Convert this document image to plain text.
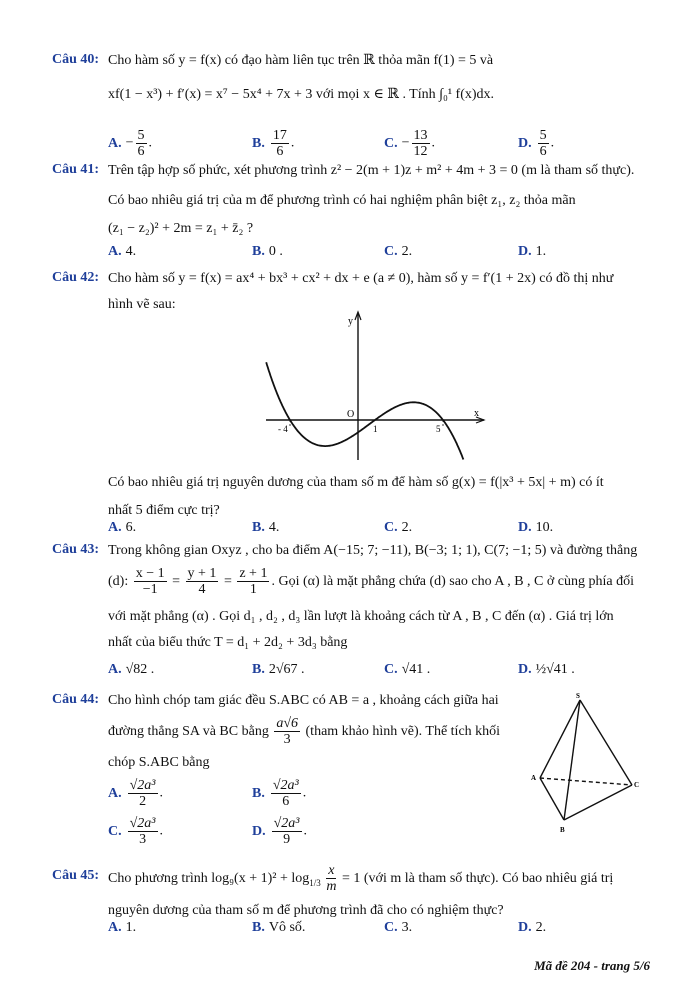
Câu 40: Cho hàm số y = f(x) có đạo hàm liên tục trên ℝ thỏa mãn f(1) = 5 và
xf(1 − x³) + f′(x) = x⁷ − 5x⁴ + 7x + 3 với mọi x ∈ ℝ . Tính ∫₀¹ f(x)dx.
A. − $\frac{5}{6}$ .	B. $\frac{17}{6}$ .	C. − $\frac{13}{12}$ .	D. $\frac{5}{6}$ .
Câu 41: Trên tập hợp số phức, xét phương trình z² − 2(m + 1)z + m² + 4m + 3 = 0 (m là tham số thực).
Có bao nhiêu giá trị của m để phương trình có hai nghiệm phân biệt z₁, z₂ thỏa mãn
(z₁ − z₂)² + 2m = z₁ + z̄₂ ?
A. 4.	B. 0 .	C. 2.	D. 1.
Câu 42: Cho hàm số y = f(x) = ax⁴ + bx³ + cx² + dx + e (a ≠ 0), hàm số y = f′(1 + 2x) có đồ thị như
hình vẽ sau:
y
x
O
- 4	1	5
Có bao nhiêu giá trị nguyên dương của tham số m để hàm số g(x) = f(|x³ + 5x| + m) có ít
nhất 5 điểm cực trị?
A. 6.	B. 4.	C. 2.	D. 10.
Câu 43: Trong không gian Oxyz , cho ba điểm A(−15; 7; −11), B(−3; 1; 1), C(7; −1; 5) và đường thẳng
(d): $\frac{x - 1}{-1} = \frac{y + 1}{4} = \frac{z + 1}{1}$ . Gọi (α) là mặt phẳng chứa (d) sao cho A , B , C ở cùng phía đối
với mặt phẳng (α) . Gọi d₁ , d₂ , d₃ lần lượt là khoảng cách từ A , B , C đến (α) . Giá trị lớn
nhất của biểu thức T = d₁ + 2d₂ + 3d₃ bằng
A. √82 .	B. 2√67 .	C. √41 .	D. ½√41 .
Câu 44: Cho hình chóp tam giác đều S.ABC có AB = a , khoảng cách giữa hai
đường thẳng SA và BC bằng $\frac{a√6}{3}$ (tham khảo hình vẽ). Thể tích khối
chóp S.ABC bằng
A. $\frac{\text{√2a³}}{2}$ .	B. $\frac{\text{√2a³}}{6}$ .
C. $\frac{\text{√2a³}}{3}$ .	D. $\frac{\text{√2a³}}{9}$ .
S
A
B
C
Câu 45: Cho phương trình $\log_9(x + 1)^2 + \log_{1/3} \frac{x}{m} = 1$ (với m là tham số thực). Có bao nhiêu giá trị
nguyên dương của tham số m để phương trình đã cho có nghiệm thực?
A. 1.	B. Vô số.	C. 3.	D. 2.
Mã đề 204 - trang 5/6
